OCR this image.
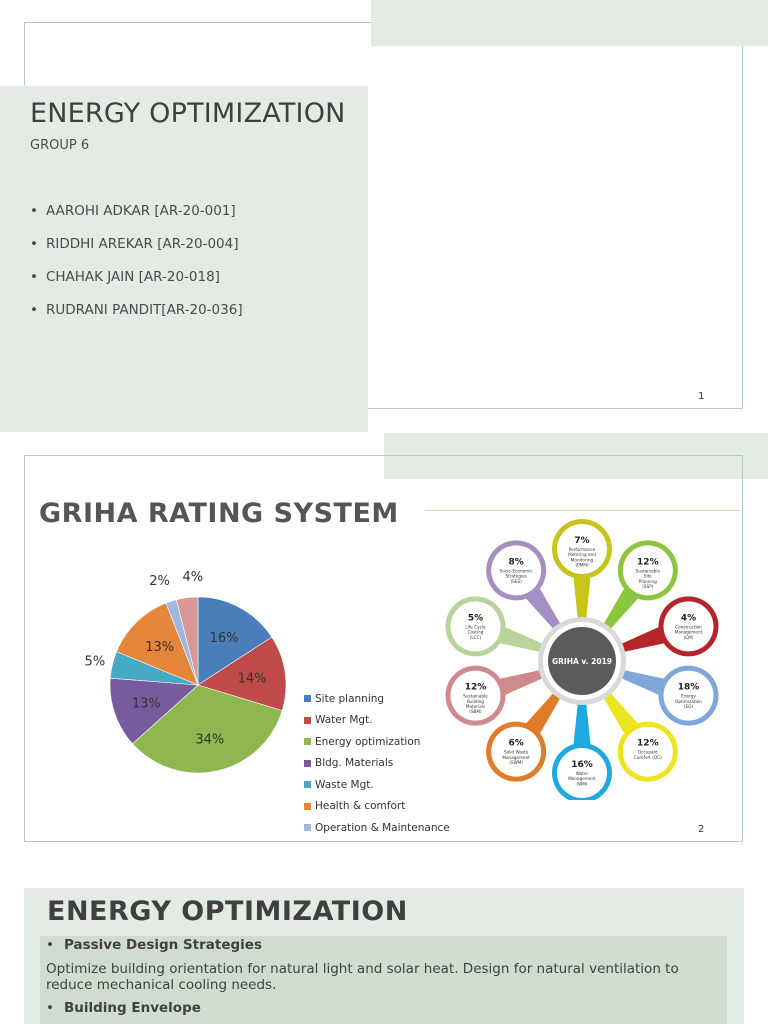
ENERGY OPTIMIZATION
GROUP 6
• AAROHI ADKAR [AR-20-001]
• RIDDHI AREKAR [AR-20-004]
• CHAHAK JAIN [AR-20-018]
• RUDRANI PANDIT[AR-20-036]
1
GRIHA RATING SYSTEM
16%
14%
34%
13%
5%
13%
2% 4%
Site planning
Water Mgt.
Energy optimization
Bldg. Materials
Waste Mgt.
Health & comfort
Operation & Maintenance
7%
Performance
Metering and
Monitoring
(PMM)	12%
Sustainable
Site
Planning
(SSP)
4%
Construction
Management
(CM)
18%
Energy
Optimization
(EO)
12%
Occupant
Comfort (OC)
16%
Water
Management
(WM)
6%
Solid Waste
Management
(SWM)
12%
Sustainable
Building
Materials
(SBM)
5%
Life Cycle
Costing
(LCC)
8%
Socio-Economic
Strategies
(SES)
GRIHA v. 2019
2
ENERGY OPTIMIZATION
• Passive Design Strategies
Optimize building orientation for natural light and solar heat. Design for natural ventilation to reduce mechanical cooling needs.
• Building Envelope
